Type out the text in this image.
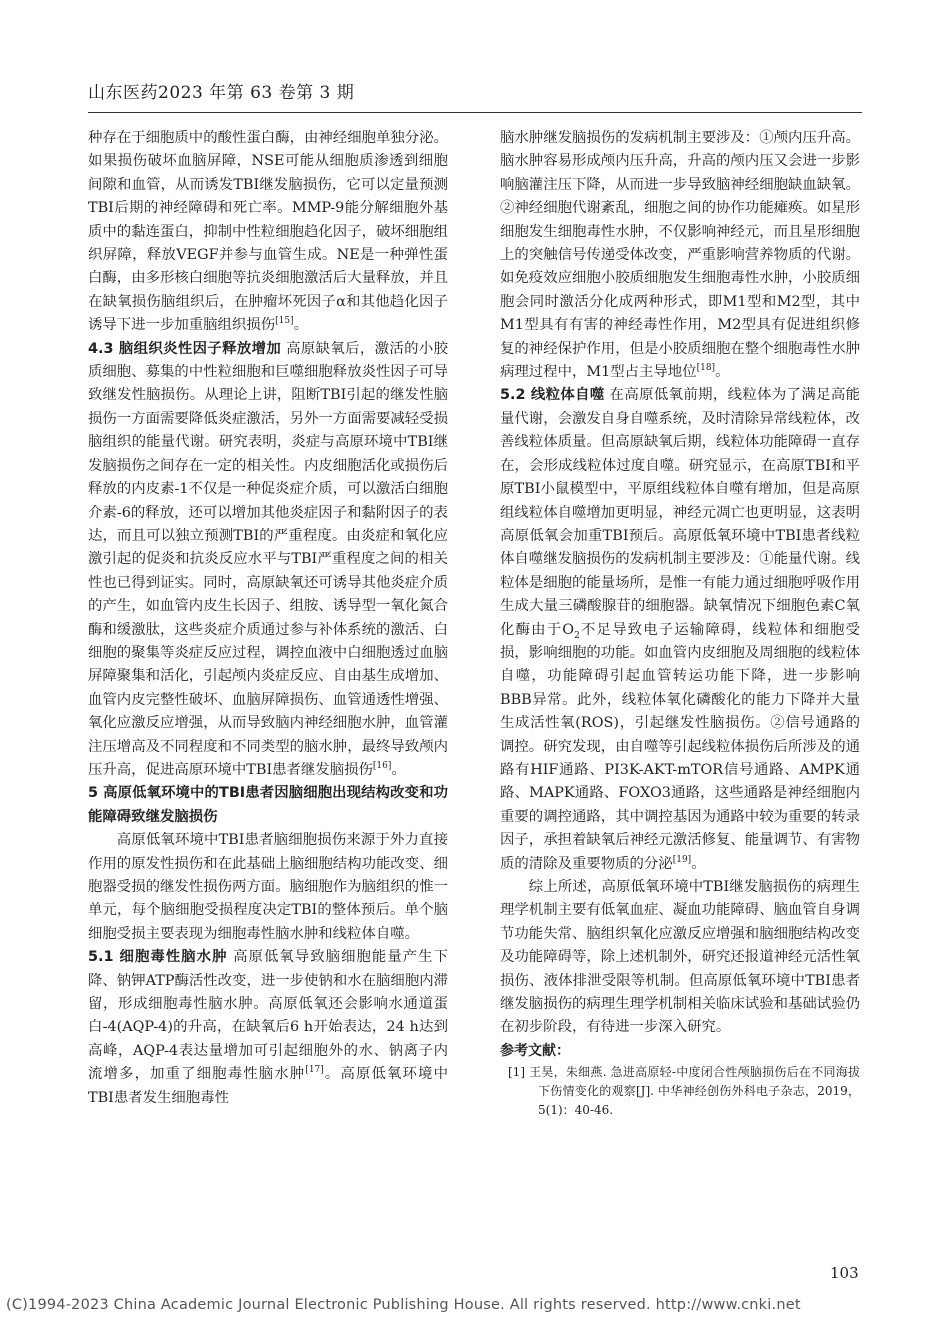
山东医药2023 年第 63 卷第 3 期

种存在于细胞质中的酸性蛋白酶，由神经细胞单独分泌。如果损伤破坏血脑屏障，NSE可能从细胞质渗透到细胞间隙和血管，从而诱发TBI继发脑损伤，它可以定量预测TBI后期的神经障碍和死亡率。MMP-9能分解细胞外基质中的黏连蛋白，抑制中性粒细胞趋化因子，破坏细胞组织屏障，释放VEGF并参与血管生成。NE是一种弹性蛋白酶，由多形核白细胞等抗炎细胞激活后大量释放，并且在缺氧损伤脑组织后，在肿瘤坏死因子α和其他趋化因子诱导下进一步加重脑组织损伤[15]。

4.3 脑组织炎性因子释放增加 高原缺氧后，激活的小胶质细胞、募集的中性粒细胞和巨噬细胞释放炎性因子可导致继发性脑损伤。从理论上讲，阻断TBI引起的继发性脑损伤一方面需要降低炎症激活，另外一方面需要减轻受损脑组织的能量代谢。研究表明，炎症与高原环境中TBI继发脑损伤之间存在一定的相关性。内皮细胞活化或损伤后释放的内皮素-1不仅是一种促炎症介质，可以激活白细胞介素-6的释放，还可以增加其他炎症因子和黏附因子的表达，而且可以独立预测TBI的严重程度。由炎症和氧化应激引起的促炎和抗炎反应水平与TBI严重程度之间的相关性也已得到证实。同时，高原缺氧还可诱导其他炎症介质的产生，如血管内皮生长因子、组胺、诱导型一氧化氮合酶和缓激肽，这些炎症介质通过参与补体系统的激活、白细胞的聚集等炎症反应过程，调控血液中白细胞透过血脑屏障聚集和活化，引起颅内炎症反应、自由基生成增加、血管内皮完整性破坏、血脑屏障损伤、血管通透性增强、氧化应激反应增强，从而导致脑内神经细胞水肿，血管灌注压增高及不同程度和不同类型的脑水肿，最终导致颅内压升高，促进高原环境中TBI患者继发脑损伤[16]。

5 高原低氧环境中的TBI患者因脑细胞出现结构改变和功能障碍致继发脑损伤

高原低氧环境中TBI患者脑细胞损伤来源于外力直接作用的原发性损伤和在此基础上脑细胞结构功能改变、细胞器受损的继发性损伤两方面。脑细胞作为脑组织的惟一单元，每个脑细胞受损程度决定TBI的整体预后。单个脑细胞受损主要表现为细胞毒性脑水肿和线粒体自噬。

5.1 细胞毒性脑水肿 高原低氧导致脑细胞能量产生下降、钠钾ATP酶活性改变，进一步使钠和水在脑细胞内滞留，形成细胞毒性脑水肿。高原低氧还会影响水通道蛋白-4(AQP-4)的升高，在缺氧后6 h开始表达，24 h达到高峰，AQP-4表达量增加可引起细胞外的水、钠离子内流增多，加重了细胞毒性脑水肿[17]。高原低氧环境中TBI患者发生细胞毒性

脑水肿继发脑损伤的发病机制主要涉及：①颅内压升高。脑水肿容易形成颅内压升高，升高的颅内压又会进一步影响脑灌注压下降，从而进一步导致脑神经细胞缺血缺氧。②神经细胞代谢紊乱，细胞之间的协作功能瘫痪。如星形细胞发生细胞毒性水肿，不仅影响神经元，而且星形细胞上的突触信号传递受体改变，严重影响营养物质的代谢。如免疫效应细胞小胶质细胞发生细胞毒性水肿，小胶质细胞会同时激活分化成两种形式，即M1型和M2型，其中M1型具有有害的神经毒性作用，M2型具有促进组织修复的神经保护作用，但是小胶质细胞在整个细胞毒性水肿病理过程中，M1型占主导地位[18]。

5.2 线粒体自噬 在高原低氧前期，线粒体为了满足高能量代谢，会激发自身自噬系统，及时清除异常线粒体，改善线粒体质量。但高原缺氧后期，线粒体功能障碍一直存在，会形成线粒体过度自噬。研究显示，在高原TBI和平原TBI小鼠模型中，平原组线粒体自噬有增加，但是高原组线粒体自噬增加更明显，神经元凋亡也更明显，这表明高原低氧会加重TBI预后。高原低氧环境中TBI患者线粒体自噬继发脑损伤的发病机制主要涉及：①能量代谢。线粒体是细胞的能量场所，是惟一有能力通过细胞呼吸作用生成大量三磷酸腺苷的细胞器。缺氧情况下细胞色素C氧化酶由于$O_2$不足导致电子运输障碍，线粒体和细胞受损，影响细胞的功能。如血管内皮细胞及周细胞的线粒体自噬，功能障碍引起血管转运功能下降，进一步影响BBB异常。此外，线粒体氧化磷酸化的能力下降并大量生成活性氧(ROS)，引起继发性脑损伤。②信号通路的调控。研究发现，由自噬等引起线粒体损伤后所涉及的通路有HIF通路、PI3K-AKT-mTOR信号通路、AMPK通路、MAPK通路、FOXO3通路，这些通路是神经细胞内重要的调控通路，其中调控基因为通路中较为重要的转录因子，承担着缺氧后神经元激活修复、能量调节、有害物质的清除及重要物质的分泌[19]。

综上所述，高原低氧环境中TBI继发脑损伤的病理生理学机制主要有低氧血症、凝血功能障碍、脑血管自身调节功能失常、脑组织氧化应激反应增强和脑细胞结构改变及功能障碍等，除上述机制外，研究还报道神经元活性氧损伤、液体排泄受限等机制。但高原低氧环境中TBI患者继发脑损伤的病理生理学机制相关临床试验和基础试验仍在初步阶段，有待进一步深入研究。

参考文献：

[1] 王昊，朱细燕. 急进高原轻-中度闭合性颅脑损伤后在不同海拔下伤情变化的观察[J]. 中华神经创伤外科电子杂志，2019，5(1)：40-46.

103
(C)1994-2023 China Academic Journal Electronic Publishing House. All rights reserved. http://www.cnki.net
